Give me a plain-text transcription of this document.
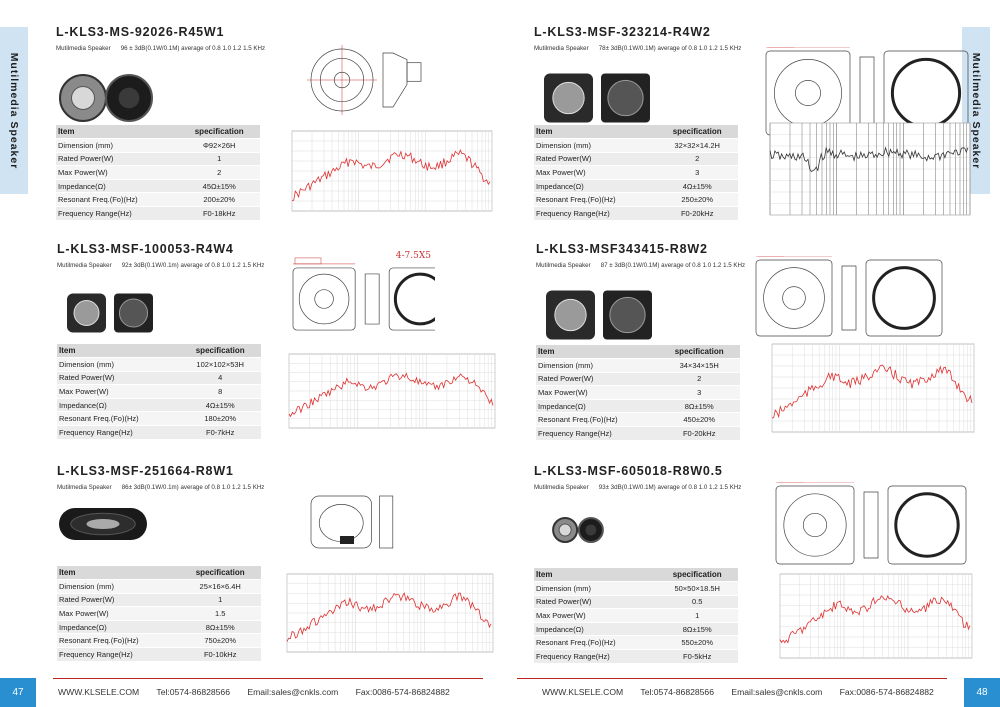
Mutilmedia Speaker	Mutilmedia Speaker
L-KLS3-MS-92026-R45W1
Mutilmedia Speaker 96 ± 3dB(0.1W/0.1M) average of 0.8 1.0 1.2 1.5 KHz
Item	specification
Dimension (mm)	Φ92×26H
Rated Power(W)	1
Max Power(W)	2
Impedance(Ω)	45Ω±15%
Resonant Freq.(Fo)(Hz)	200±20%
Frequency Range(Hz)	F0-18kHz
L-KLS3-MSF-323214-R4W2
Mutilmedia Speaker 78± 3dB(0.1W/0.1M) average of 0.8 1.0 1.2 1.5 KHz
Item	specification
Dimension (mm)	32×32×14.2H
Rated Power(W)	2
Max Power(W)	3
Impedance(Ω)	4Ω±15%
Resonant Freq.(Fo)(Hz)	250±20%
Frequency Range(Hz)	F0-20kHz
L-KLS3-MSF-100053-R4W4
Mutilmedia Speaker 92± 3dB(0.1W/0.1m) average of 0.8 1.0 1.2 1.5 KHz
4-7.5X5
Item	specification
Dimension (mm)	102×102×53H
Rated Power(W)	4
Max Power(W)	8
Impedance(Ω)	4Ω±15%
Resonant Freq.(Fo)(Hz)	180±20%
Frequency Range(Hz)	F0-7kHz
L-KLS3-MSF343415-R8W2
Mutilmedia Speaker 87 ± 3dB(0.1W/0.1M) average of 0.8 1.0 1.2 1.5 KHz
Item	specification
Dimension (mm)	34×34×15H
Rated Power(W)	2
Max Power(W)	3
Impedance(Ω)	8Ω±15%
Resonant Freq.(Fo)(Hz)	450±20%
Frequency Range(Hz)	F0-20kHz
L-KLS3-MSF-251664-R8W1
Mutilmedia Speaker 86± 3dB(0.1W/0.1m) average of 0.8 1.0 1.2 1.5 KHz
Item	specification
Dimension (mm)	25×16×6.4H
Rated Power(W)	1
Max Power(W)	1.5
Impedance(Ω)	8Ω±15%
Resonant Freq.(Fo)(Hz)	750±20%
Frequency Range(Hz)	F0-10kHz
L-KLS3-MSF-605018-R8W0.5
Mutilmedia Speaker 93± 3dB(0.1W/0.1M) average of 0.8 1.0 1.2 1.5 KHz
Item	specification
Dimension (mm)	50×50×18.5H
Rated Power(W)	0.5
Max Power(W)	1
Impedance(Ω)	8Ω±15%
Resonant Freq.(Fo)(Hz)	550±20%
Frequency Range(Hz)	F0-5kHz
47	WWW.KLSELE.COM Tel:0574-86828566 Email:sales@cnkls.com Fax:0086-574-86824882	WWW.KLSELE.COM Tel:0574-86828566 Email:sales@cnkls.com Fax:0086-574-86824882	48
